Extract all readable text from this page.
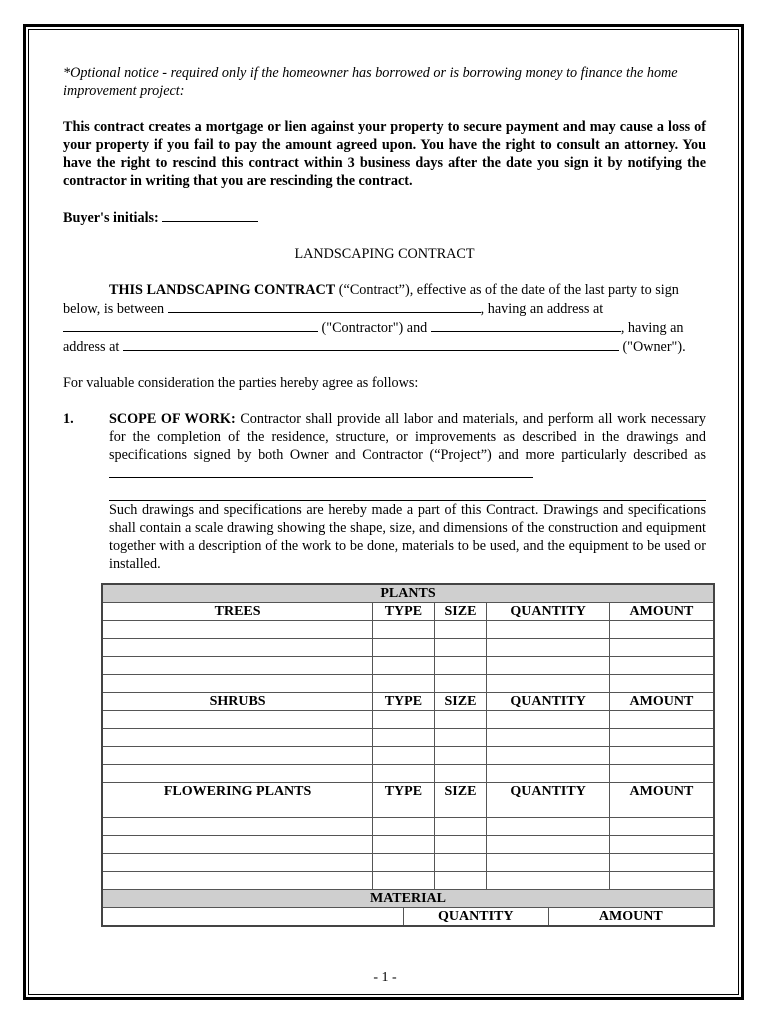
*Optional notice - required only if the homeowner has borrowed or is borrowing money to finance the home improvement project:

This contract creates a mortgage or lien against your property to secure payment and may cause a loss of your property if you fail to pay the amount agreed upon. You have the right to consult an attorney. You have the right to rescind this contract within 3 business days after the date you sign it by notifying the contractor in writing that you are rescinding the contract.

Buyer's initials:

LANDSCAPING CONTRACT

THIS LANDSCAPING CONTRACT (“Contract”), effective as of the date of the last party to sign below, is between	, having an address at
("Contractor") and	, having an address at	("Owner").

For valuable consideration the parties hereby agree as follows:

1.	SCOPE OF WORK: Contractor shall provide all labor and materials, and perform all work necessary for the completion of the residence, structure, or improvements as described in the drawings and specifications signed by both Owner and Contractor (“Project”) and more particularly described as

Such drawings and specifications are hereby made a part of this Contract. Drawings and specifications shall contain a scale drawing showing the shape, size, and dimensions of the construction and equipment together with a description of the work to be done, materials to be used, and the equipment to be used or installed.

PLANTS						
TREES	TYPE		SIZE	QUANTITY		AMOUNT

SHRUBS	TYPE		SIZE	QUANTITY		AMOUNT

FLOWERING PLANTS	TYPE		SIZE	QUANTITY		AMOUNT

MATERIAL						
		QUANTITY			AMOUNT	
- 1 -
